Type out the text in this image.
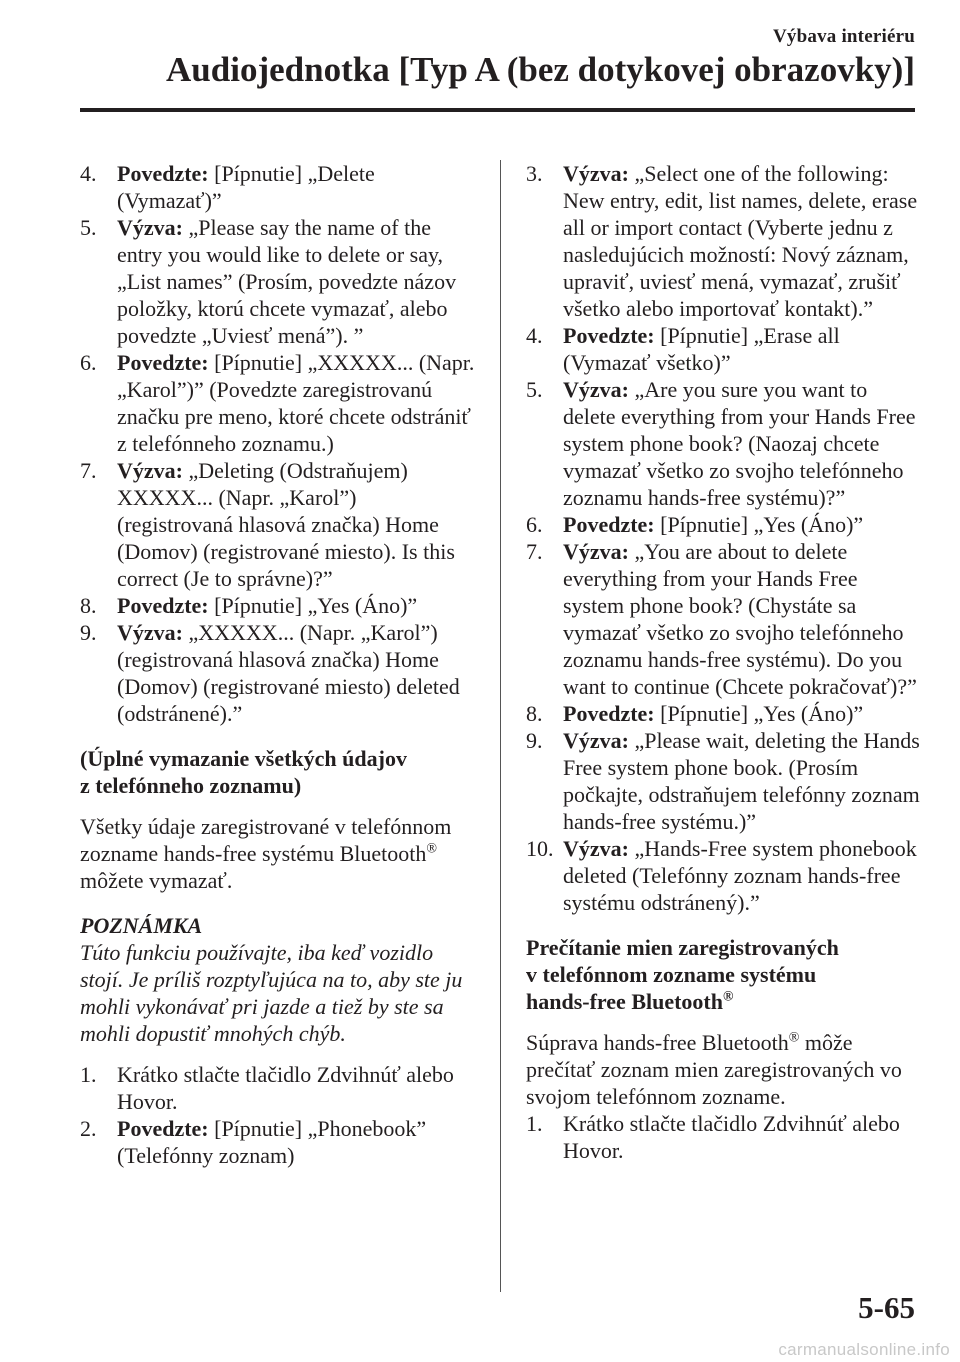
Výbava interiéru
Audiojednotka [Typ A (bez dotykovej obrazovky)]
4. Povedzte: [Pípnutie] „Delete (Vymazať)”
5. Výzva: „Please say the name of the entry you would like to delete or say, „List names” (Prosím, povedzte názov položky, ktorú chcete vymazať, alebo povedzte „Uviesť mená”). ”
6. Povedzte: [Pípnutie] „XXXXX... (Napr. „Karol”)” (Povedzte zaregistrovanú značku pre meno, ktoré chcete odstrániť z telefónneho zoznamu.)
7. Výzva: „Deleting (Odstraňujem) XXXXX... (Napr. „Karol”) (registrovaná hlasová značka) Home (Domov) (registrované miesto). Is this correct (Je to správne)?”
8. Povedzte: [Pípnutie] „Yes (Áno)”
9. Výzva: „XXXXX... (Napr. „Karol”) (registrovaná hlasová značka) Home (Domov) (registrované miesto) deleted (odstránené).”
(Úplné vymazanie všetkých údajov
z telefónneho zoznamu)
Všetky údaje zaregistrované v telefónnom zozname hands-free systému Bluetooth®
môžete vymazať.
POZNÁMKA
Túto funkciu používajte, iba keď vozidlo stojí. Je príliš rozptyľujúca na to, aby ste ju mohli vykonávať pri jazde a tiež by ste sa mohli dopustiť mnohých chýb.
1. Krátko stlačte tlačidlo Zdvihnúť alebo Hovor.
2. Povedzte: [Pípnutie] „Phonebook” (Telefónny zoznam)
3. Výzva: „Select one of the following: New entry, edit, list names, delete, erase all or import contact (Vyberte jednu z nasledujúcich možností: Nový záznam, upraviť, uviesť mená, vymazať, zrušiť všetko alebo importovať kontakt).”
4. Povedzte: [Pípnutie] „Erase all (Vymazať všetko)”
5. Výzva: „Are you sure you want to delete everything from your Hands Free system phone book? (Naozaj chcete vymazať všetko zo svojho telefónneho zoznamu hands-free systému)?”
6. Povedzte: [Pípnutie] „Yes (Áno)”
7. Výzva: „You are about to delete everything from your Hands Free system phone book? (Chystáte sa vymazať všetko zo svojho telefónneho zoznamu hands-free systému). Do you want to continue (Chcete pokračovať)?”
8. Povedzte: [Pípnutie] „Yes (Áno)”
9. Výzva: „Please wait, deleting the Hands Free system phone book. (Prosím počkajte, odstraňujem telefónny zoznam hands-free systému.)”
10. Výzva: „Hands-Free system phonebook deleted (Telefónny zoznam hands-free systému odstránený).”
Prečítanie mien zaregistrovaných
v telefónnom zozname systému
hands-free Bluetooth®
Súprava hands-free Bluetooth® môže prečítať zoznam mien zaregistrovaných vo svojom telefónnom zozname.
1. Krátko stlačte tlačidlo Zdvihnúť alebo Hovor.
5-65
carmanualsonline.info
